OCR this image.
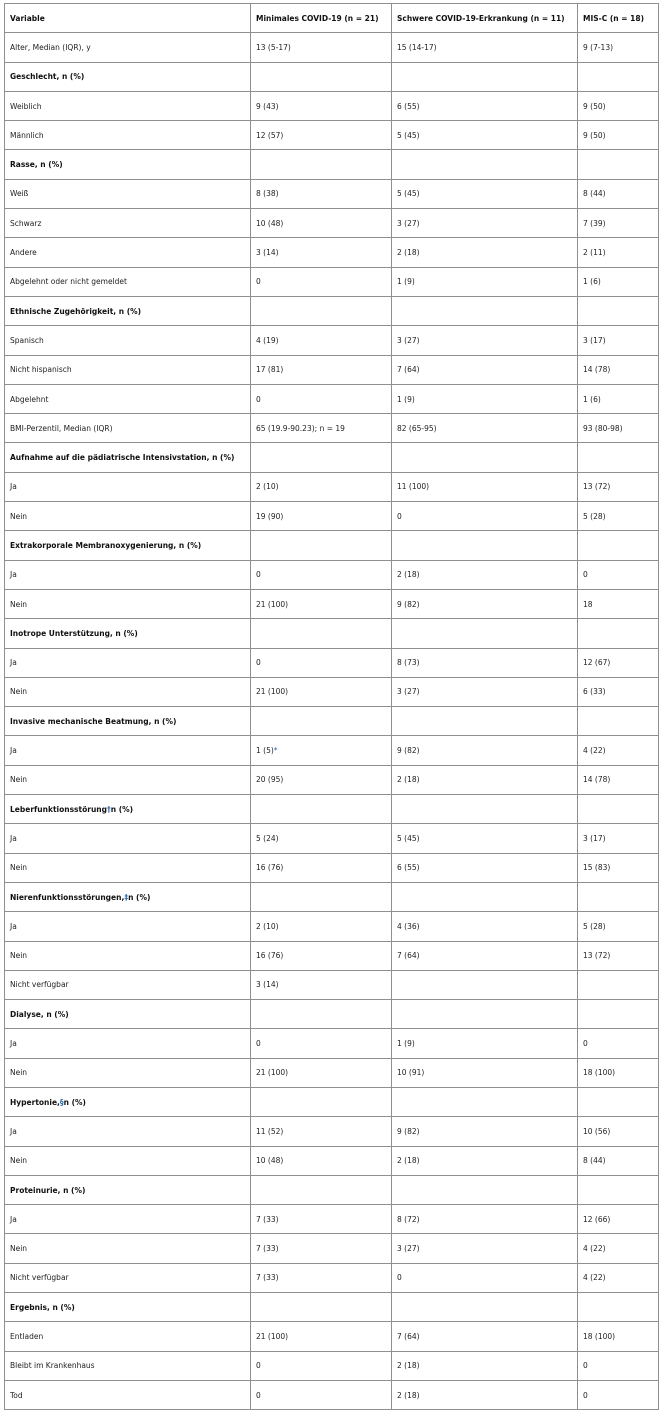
Variable	Minimales COVID-19 (n = 21)	Schwere COVID-19-Erkrankung (n = 11)	MIS-C (n = 18)
Alter, Median (IQR), y	13 (5-17)	15 (14-17)	9 (7-13)
Geschlecht, n (%)			
Weiblich	9 (43)	6 (55)	9 (50)
Männlich	12 (57)	5 (45)	9 (50)
Rasse, n (%)			
Weiß	8 (38)	5 (45)	8 (44)
Schwarz	10 (48)	3 (27)	7 (39)
Andere	3 (14)	2 (18)	2 (11)
Abgelehnt oder nicht gemeldet	0	1 (9)	1 (6)
Ethnische Zugehörigkeit, n (%)			
Spanisch	4 (19)	3 (27)	3 (17)
Nicht hispanisch	17 (81)	7 (64)	14 (78)
Abgelehnt	0	1 (9)	1 (6)
BMI-Perzentil, Median (IQR)	65 (19.9-90.23); n = 19	82 (65-95)	93 (80-98)
Aufnahme auf die pädiatrische Intensivstation, n (%)			
Ja	2 (10)	11 (100)	13 (72)
Nein	19 (90)	0	5 (28)
Extrakorporale Membranoxygenierung, n (%)			
Ja	0	2 (18)	0
Nein	21 (100)	9 (82)	18
Inotrope Unterstützung, n (%)			
Ja	0	8 (73)	12 (67)
Nein	21 (100)	3 (27)	6 (33)
Invasive mechanische Beatmung, n (%)			
Ja	1 (5)*	9 (82)	4 (22)
Nein	20 (95)	2 (18)	14 (78)
Leberfunktionsstörung†n (%)			
Ja	5 (24)	5 (45)	3 (17)
Nein	16 (76)	6 (55)	15 (83)
Nierenfunktionsstörungen,‡n (%)			
Ja	2 (10)	4 (36)	5 (28)
Nein	16 (76)	7 (64)	13 (72)
Nicht verfügbar	3 (14)		
Dialyse, n (%)			
Ja	0	1 (9)	0
Nein	21 (100)	10 (91)	18 (100)
Hypertonie,§n (%)			
Ja	11 (52)	9 (82)	10 (56)
Nein	10 (48)	2 (18)	8 (44)
Proteinurie, n (%)			
Ja	7 (33)	8 (72)	12 (66)
Nein	7 (33)	3 (27)	4 (22)
Nicht verfügbar	7 (33)	0	4 (22)
Ergebnis, n (%)			
Entladen	21 (100)	7 (64)	18 (100)
Bleibt im Krankenhaus	0	2 (18)	0
Tod	0	2 (18)	0
